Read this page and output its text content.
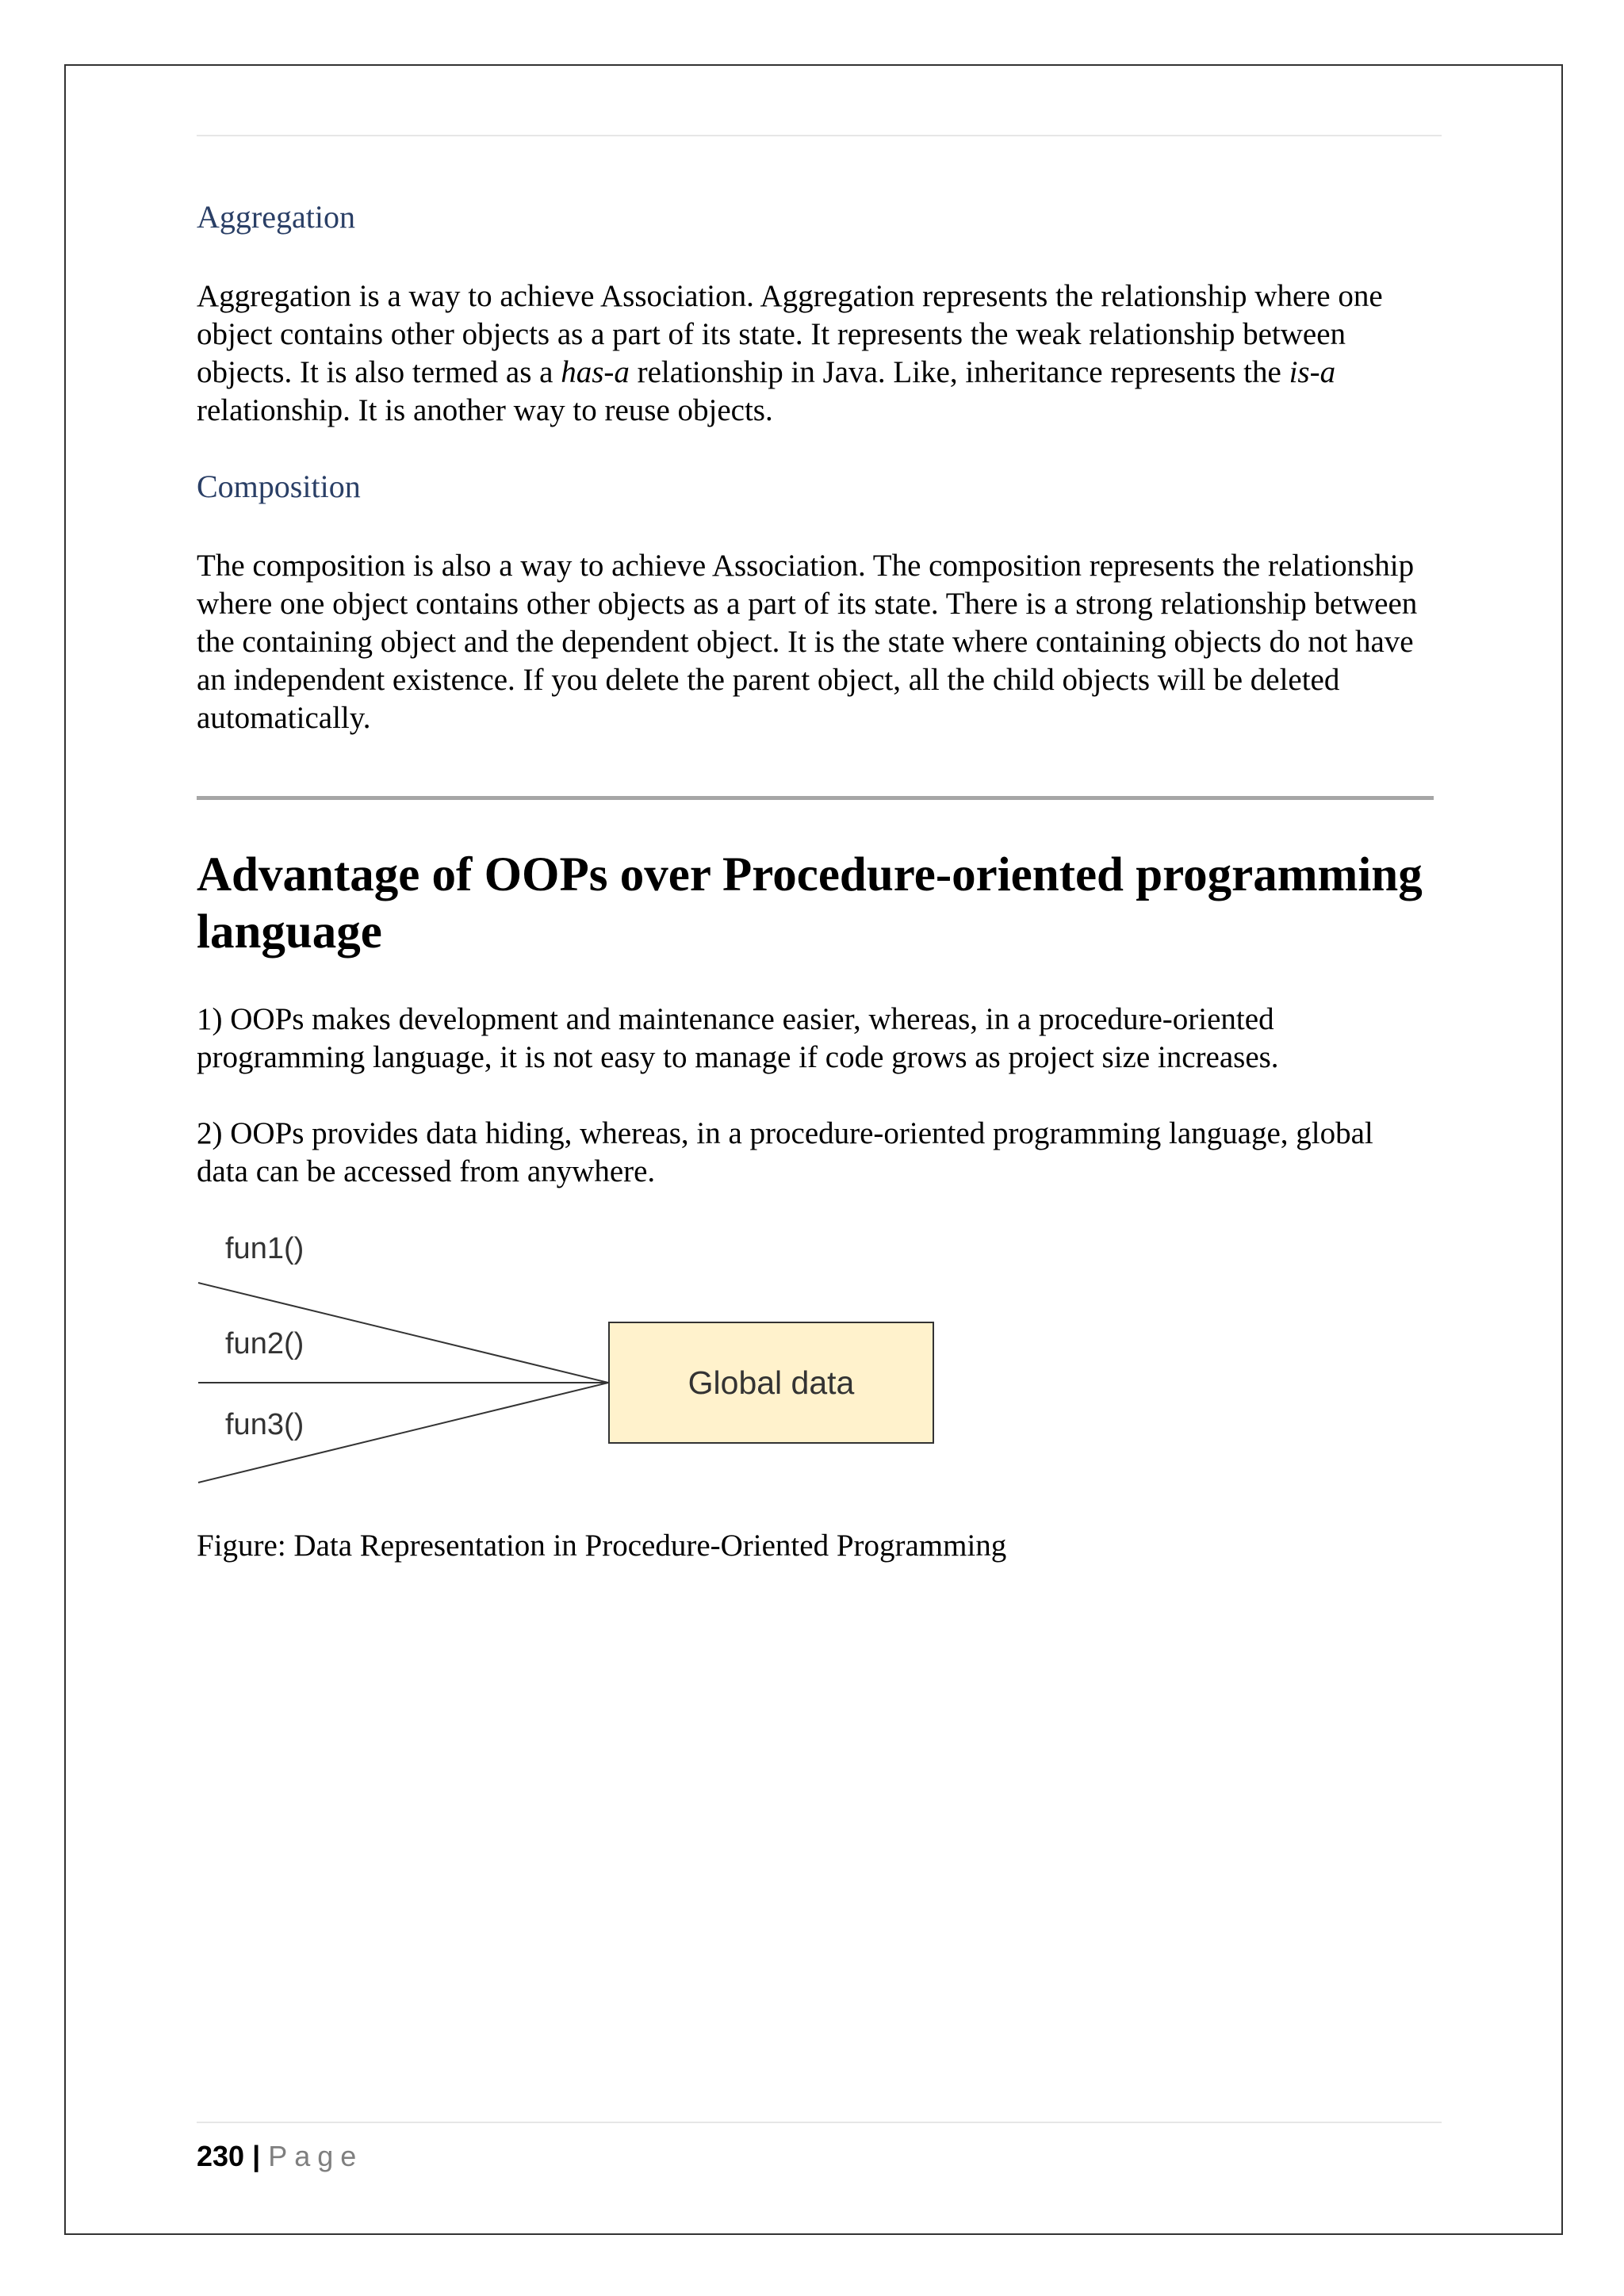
Aggregation

Aggregation is a way to achieve Association. Aggregation represents the relationship where one object contains other objects as a part of its state. It represents the weak relationship between objects. It is also termed as a has-a relationship in Java. Like, inheritance represents the is-a relationship. It is another way to reuse objects.

Composition

The composition is also a way to achieve Association. The composition represents the relationship where one object contains other objects as a part of its state. There is a strong relationship between the containing object and the dependent object. It is the state where containing objects do not have an independent existence. If you delete the parent object, all the child objects will be deleted automatically.

Advantage of OOPs over Procedure-oriented programming language

1) OOPs makes development and maintenance easier, whereas, in a procedure-oriented programming language, it is not easy to manage if code grows as project size increases.

2) OOPs provides data hiding, whereas, in a procedure-oriented programming language, global data can be accessed from anywhere.

fun1()
fun2()
fun3()
Global data

Figure: Data Representation in Procedure-Oriented Programming

230 | Page
